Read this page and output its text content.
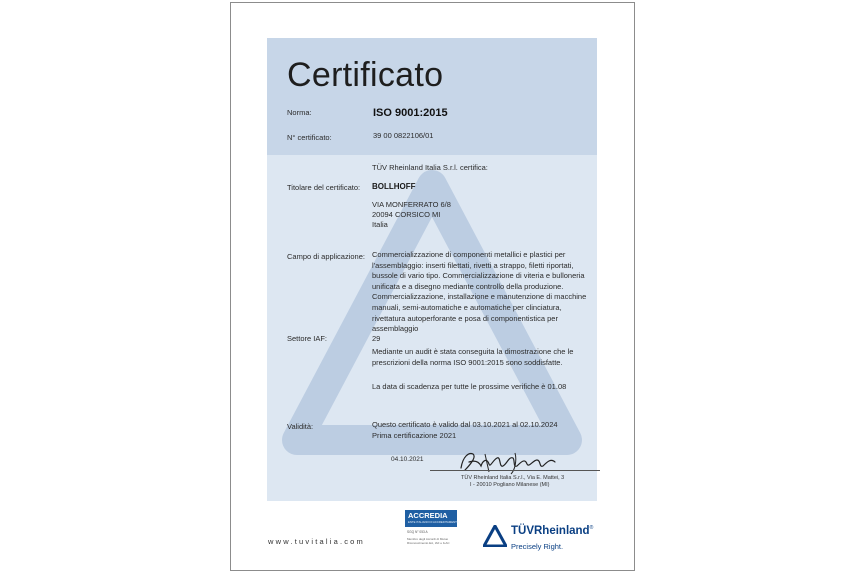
Certificato
Norma:	ISO 9001:2015
N° certificato:	39 00 0822106/01
TÜV Rheinland Italia S.r.l. certifica:
Titolare del certificato: BOLLHOFF
VIA MONFERRATO 6/8
20094 CORSICO MI
Italia
Campo di applicazione: Commercializzazione di componenti metallici e plastici per
l'assemblaggio: inserti filettati, rivetti a strappo, filetti riportati,
bussole di vario tipo. Commercializzazione di viteria e bulloneria
unificata e a disegno mediante controllo della produzione.
Commercializzazione, installazione e manutenzione di macchine
manuali, semi-automatiche e automatiche per clinciatura,
rivettatura autoperforante e posa di componentistica per
assemblaggio
Settore IAF:	29
Mediante un audit è stata conseguita la dimostrazione che le
prescrizioni della norma ISO 9001:2015 sono soddisfatte.
La data di scadenza per tutte le prossime verifiche è 01.08
Validità:	Questo certificato è valido dal 03.10.2021 al 02.10.2024
Prima certificazione 2021
04.10.2021
TÜV Rheinland Italia S.r.l., Via E. Mattei, 3
I - 20010 Pogliano Milanese (MI)
www.tuvitalia.com
ACCREDIA
ENTE ITALIANO DI ACCREDITAMENTO
SGQ N° 053 A
Membro degli Accordi di Mutuo Riconoscimento EA, IAF e ILAC
TÜVRheinland®
Precisely Right.
